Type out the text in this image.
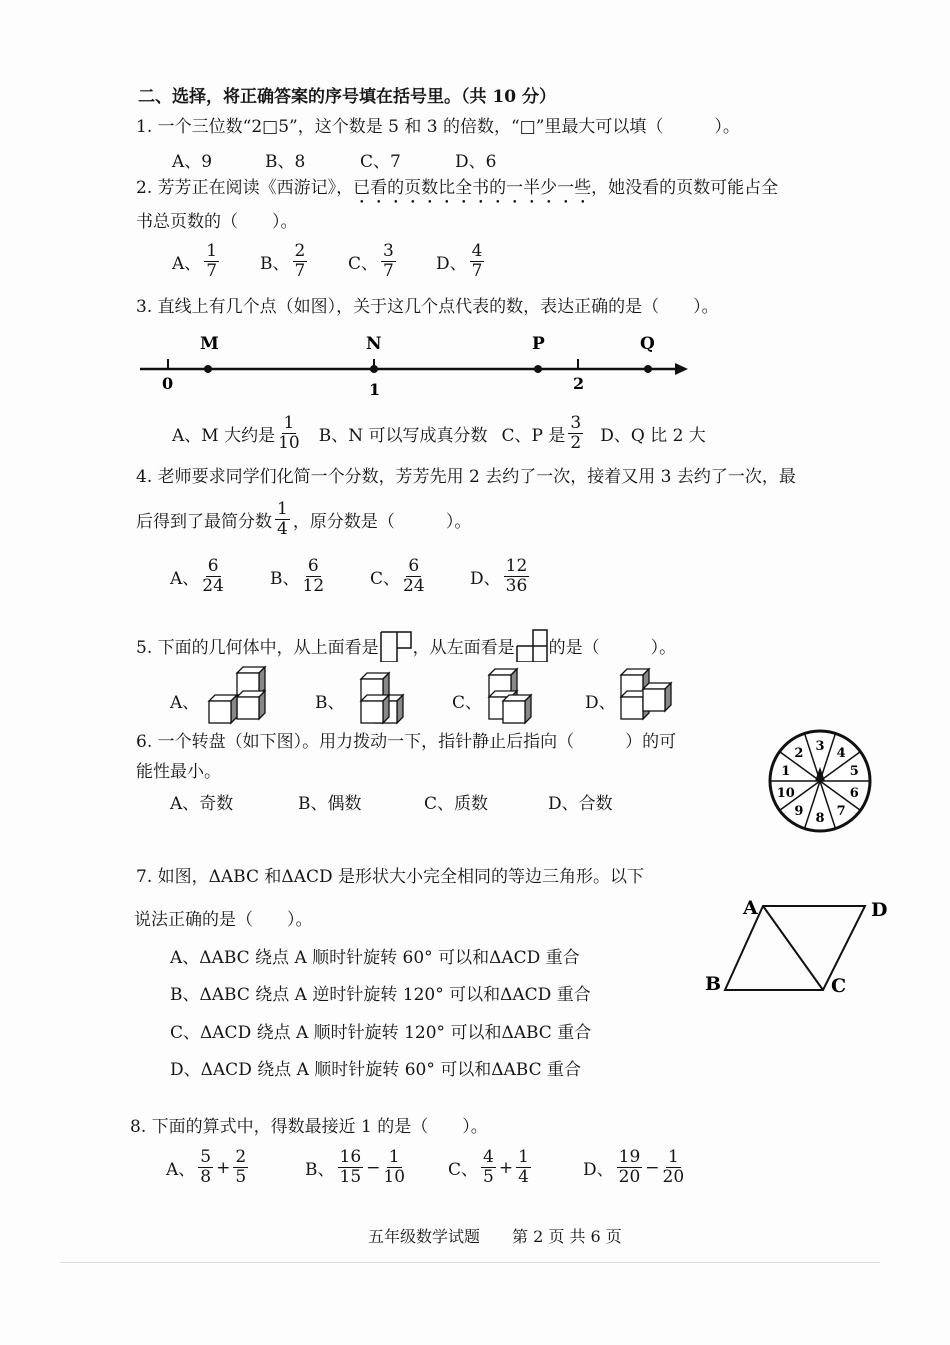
二、选择，将正确答案的序号填在括号里。（共 10 分）
1. 一个三位数“2□5”，这个数是 5 和 3 的倍数，“□”里最大可以填（　　　）。
A、9	B、8	C、7	D、6
2. 芳芳正在阅读《西游记》，已看的页数比全书的一半少一些，她没看的页数可能占全
书总页数的（　　）。
3. 直线上有几个点（如图），关于这几个点代表的数，表达正确的是（　　）。
M	N	P	Q
0	1	2
A、M 大约是
1
10 B、N 可以写成真分数 C、P 是
3
2 D、Q 比 2 大
4. 老师要求同学们化简一个分数，芳芳先用 2 去约了一次，接着又用 3 去约了一次，最
后得到了最简分数
1
4 ，原分数是（　　　）。
5. 下面的几何体中，从上面看是 ，从左面看是 的是（　　　）。
A、	B、	C、	D、
6. 一个转盘（如下图）。用力拨动一下，指针静止后指向（　　　）的可
能性最小。
A、奇数	B、偶数	C、质数	D、合数
3 4
5
6
7
8
9
10
1
2
7. 如图，ΔABC 和ΔACD 是形状大小完全相同的等边三角形。以下
说法正确的是（　　）。
A、ΔABC 绕点 A 顺时针旋转 60° 可以和ΔACD 重合
B、ΔABC 绕点 A 逆时针旋转 120° 可以和ΔACD 重合
C、ΔACD 绕点 A 顺时针旋转 120° 可以和ΔABC 重合
D、ΔACD 绕点 A 顺时针旋转 60° 可以和ΔABC 重合
A	D
B	C
8. 下面的算式中，得数最接近 1 的是（　　）。
五年级数学试题　　第 2 页 共 6 页
A、
1
7	B、
2
7	C、
3
7 D、
4
7
A、
6
24	B、
6
12	C、
6
24	D、
12
36
A、
5
$8 + \frac{2}{5}$	B、
16
$15 - \frac{1}{10}$	C、
4
$5 + \frac{1}{4}$	D、
19
$20 - \frac{1}{20}$
